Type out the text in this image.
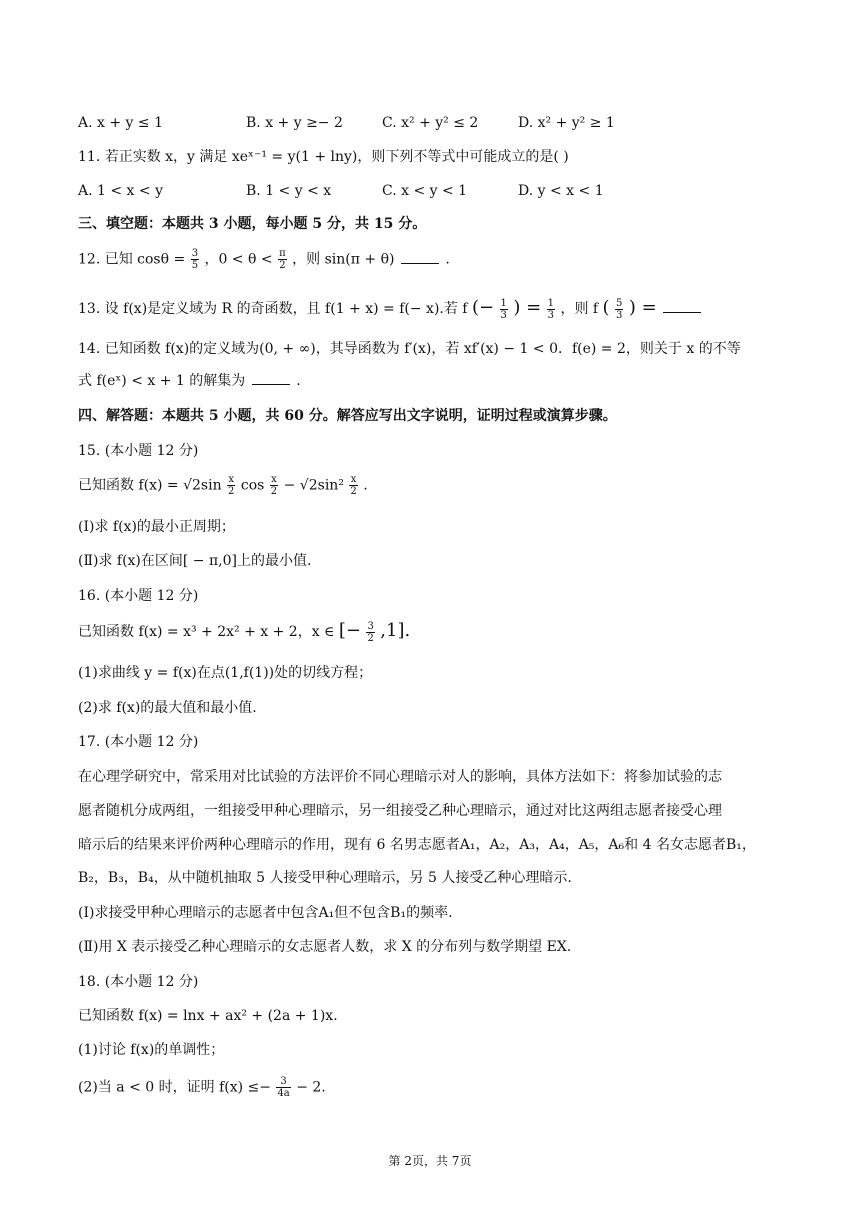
A. x + y ≤ 1	B. x + y ≥− 2	C. x² + y² ≤ 2	D. x² + y² ≥ 1
11. 若正实数 x，y 满足 xeˣ⁻¹ = y(1 + lny)，则下列不等式中可能成立的是( )
A. 1 < x < y	B. 1 < y < x	C. x < y < 1	D. y < x < 1
三、填空题：本题共 3 小题，每小题 5 分，共 15 分。
12. 已知 $\cos\theta = \frac{3}{5}$ ，$0 < \theta < \frac{\pi}{2}$ ，则 sin(π + θ)	.
13. 设 f(x)是定义域为 R 的奇函数，且 f(1 + x) = f(− x).若 f (− $\frac{1}{3}$ ) = $\frac{1}{3}$ ，则 f ( $\frac{5}{3}$ ) =
14. 已知函数 f(x)的定义域为(0, + ∞)，其导函数为 f′(x)，若 xf′(x) − 1 < 0．f(e) = 2，则关于 x 的不等
式 f(eˣ) < x + 1 的解集为	.
四、解答题：本题共 5 小题，共 60 分。解答应写出文字说明，证明过程或演算步骤。
15. (本小题 12 分)
已知函数 $f(x) = √2\sin \frac{x}{2}$ $\cos \frac{x}{2} - √2\sin^2 \frac{x}{2}$ .
(Ⅰ)求 f(x)的最小正周期；
(Ⅱ)求 f(x)在区间[ − π,0]上的最小值.
16. (本小题 12 分)
已知函数 f(x) = x³ + 2x² + x + 2，x ∈ [− $\frac{3}{2} ,1$].
(1)求曲线 y = f(x)在点(1,f(1))处的切线方程；
(2)求 f(x)的最大值和最小值.
17. (本小题 12 分)
在心理学研究中，常采用对比试验的方法评价不同心理暗示对人的影响，具体方法如下：将参加试验的志
愿者随机分成两组，一组接受甲种心理暗示，另一组接受乙种心理暗示，通过对比这两组志愿者接受心理
暗示后的结果来评价两种心理暗示的作用，现有 6 名男志愿者A₁，A₂，A₃，A₄，A₅，A₆和 4 名女志愿者B₁，
B₂，B₃，B₄，从中随机抽取 5 人接受甲种心理暗示，另 5 人接受乙种心理暗示.
(Ⅰ)求接受甲种心理暗示的志愿者中包含A₁但不包含B₁的频率.
(Ⅱ)用 X 表示接受乙种心理暗示的女志愿者人数，求 X 的分布列与数学期望 EX.
18. (本小题 12 分)
已知函数 f(x) = lnx + ax² + (2a + 1)x.
(1)讨论 f(x)的单调性；
(2)当 a < 0 时，证明 $f(x) \le- \frac{3}{4a} - 2$.
第 2页，共 7页
